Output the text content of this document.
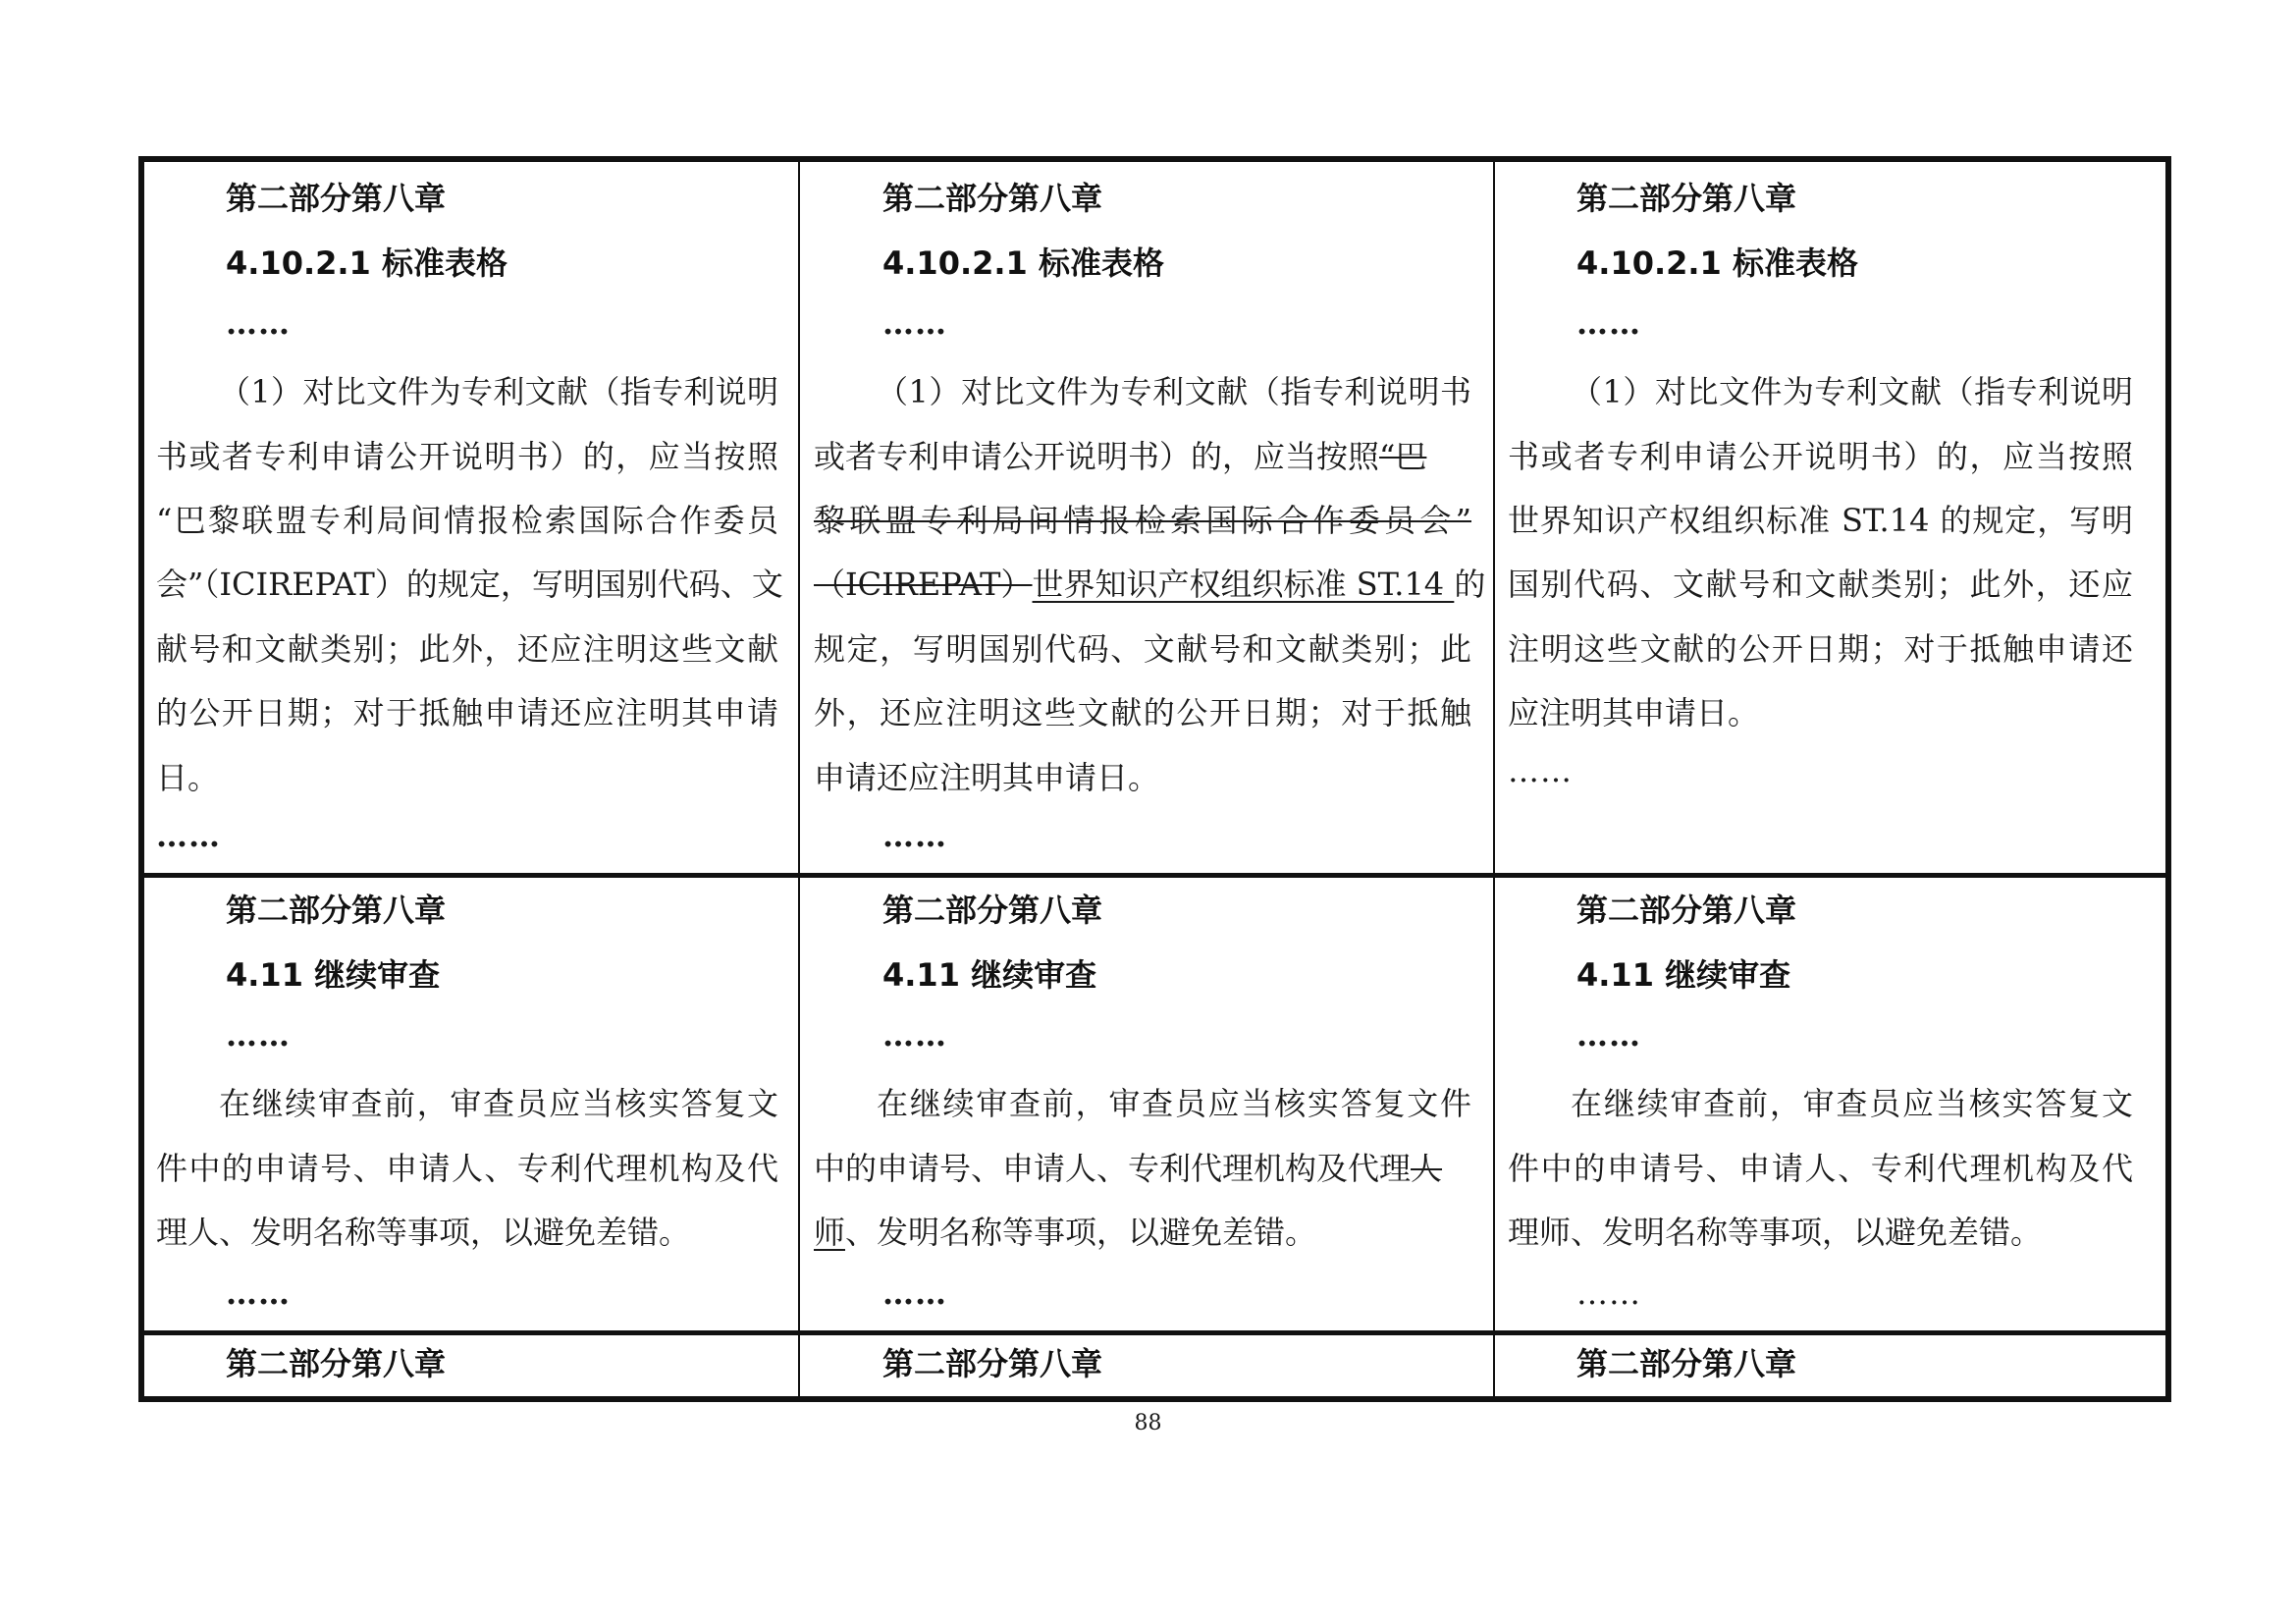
第二部分第八章
4.10.2.1 标准表格
……
（1）对比文件为专利文献（指专利说明
书或者专利申请公开说明书）的，应当按照
“巴黎联盟专利局间情报检索国际合作委员
会”（ICIREPAT）的规定，写明国别代码、文
献号和文献类别；此外，还应注明这些文献
的公开日期；对于抵触申请还应注明其申请
日。
……
第二部分第八章
4.10.2.1 标准表格
……
（1）对比文件为专利文献（指专利说明书
或者专利申请公开说明书）的，应当按照“巴
黎联盟专利局间情报检索国际合作委员会”
（ICIREPAT）世界知识产权组织标准 ST.14 的
规定，写明国别代码、文献号和文献类别；此
外，还应注明这些文献的公开日期；对于抵触
申请还应注明其申请日。
……
第二部分第八章
4.10.2.1 标准表格
……
（1）对比文件为专利文献（指专利说明
书或者专利申请公开说明书）的，应当按照
世界知识产权组织标准 ST.14 的规定，写明
国别代码、文献号和文献类别；此外，还应
注明这些文献的公开日期；对于抵触申请还
应注明其申请日。
……
第二部分第八章
4.11 继续审查
……
在继续审查前，审查员应当核实答复文
件中的申请号、申请人、专利代理机构及代
理人、发明名称等事项，以避免差错。
……
第二部分第八章
4.11 继续审查
……
在继续审查前，审查员应当核实答复文件
中的申请号、申请人、专利代理机构及代理人
师、发明名称等事项，以避免差错。
……
第二部分第八章
4.11 继续审查
……
在继续审查前，审查员应当核实答复文
件中的申请号、申请人、专利代理机构及代
理师、发明名称等事项，以避免差错。
……
第二部分第八章	第二部分第八章	第二部分第八章
88
